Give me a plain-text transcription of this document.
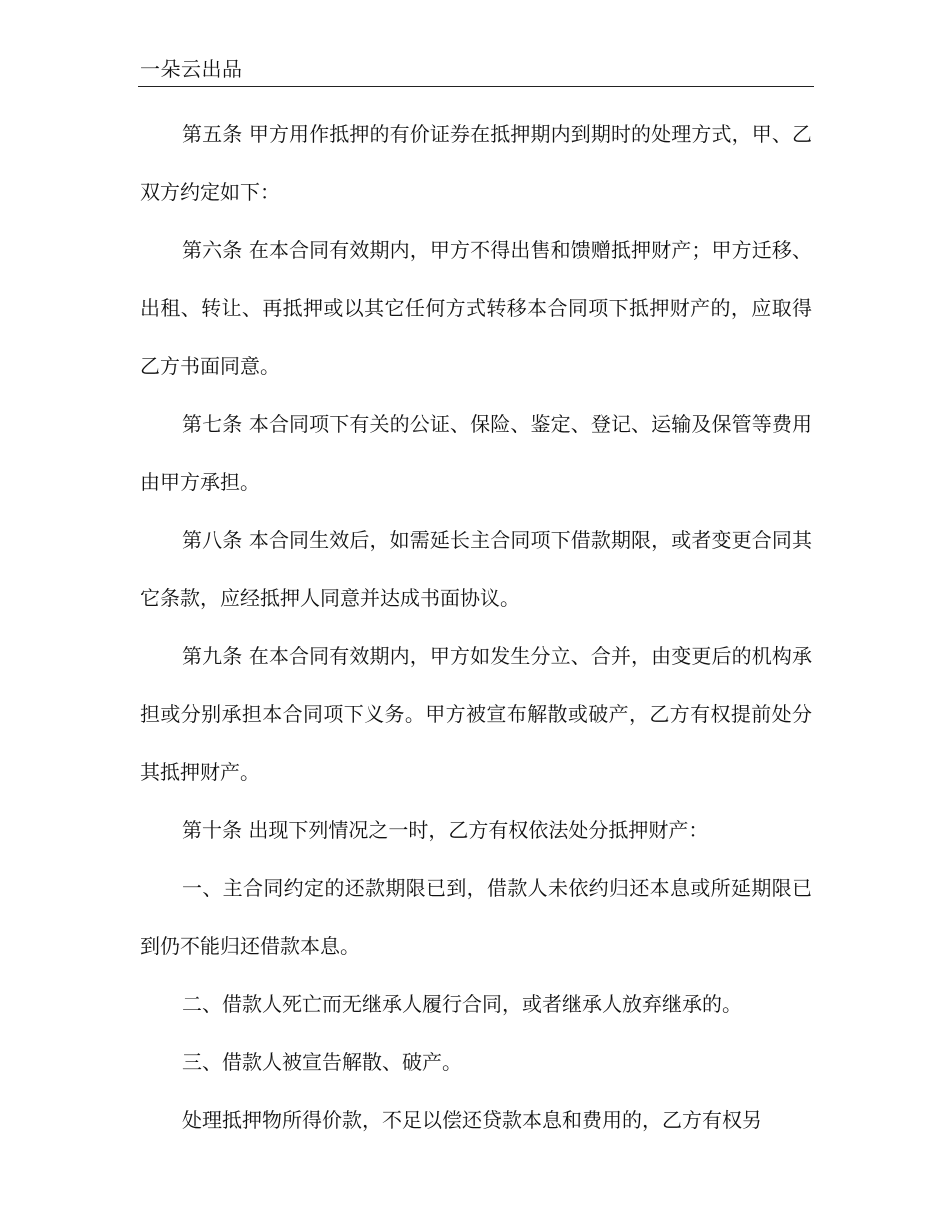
一朵云出品

第五条 甲方用作抵押的有价证券在抵押期内到期时的处理方式，甲、乙双方约定如下：

第六条 在本合同有效期内，甲方不得出售和馈赠抵押财产；甲方迁移、出租、转让、再抵押或以其它任何方式转移本合同项下抵押财产的，应取得乙方书面同意。

第七条 本合同项下有关的公证、保险、鉴定、登记、运输及保管等费用由甲方承担。

第八条 本合同生效后，如需延长主合同项下借款期限，或者变更合同其它条款，应经抵押人同意并达成书面协议。

第九条 在本合同有效期内，甲方如发生分立、合并，由变更后的机构承担或分别承担本合同项下义务。甲方被宣布解散或破产，乙方有权提前处分其抵押财产。

第十条 出现下列情况之一时，乙方有权依法处分抵押财产：

一、主合同约定的还款期限已到，借款人未依约归还本息或所延期限已到仍不能归还借款本息。

二、借款人死亡而无继承人履行合同，或者继承人放弃继承的。

三、借款人被宣告解散、破产。

处理抵押物所得价款，不足以偿还贷款本息和费用的，乙方有权另
